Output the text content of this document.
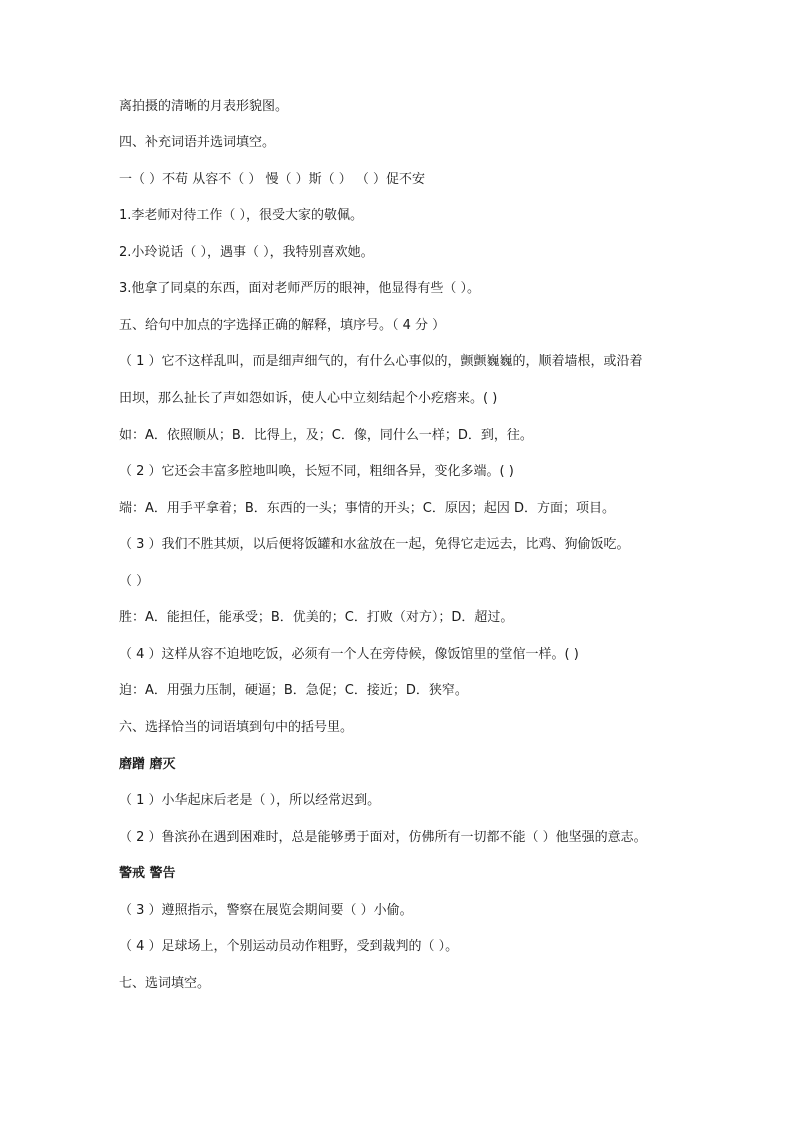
离拍摄的清晰的月表形貌图。
四、补充词语并选词填空。
一（ ）不苟 从容不（ ） 慢（ ）斯（ ） （ ）促不安
1.李老师对待工作（ ），很受大家的敬佩。
2.小玲说话（ ），遇事（ ），我特别喜欢她。
3.他拿了同桌的东西，面对老师严厉的眼神，他显得有些（ ）。
五、给句中加点的字选择正确的解释，填序号。（ 4 分 ）
（ 1 ）它不这样乱叫，而是细声细气的，有什么心事似的，颤颤巍巍的，顺着墙根，或沿着
田坝，那么扯长了声如怨如诉，使人心中立刻结起个小疙瘩来。( )
如：A．依照顺从；B．比得上，及；C．像，同什么一样；D．到，往。
（ 2 ）它还会丰富多腔地叫唤，长短不同，粗细各异，变化多端。( )
端：A．用手平拿着；B．东西的一头；事情的开头；C．原因；起因 D．方面；项目。
（ 3 ）我们不胜其烦，以后便将饭罐和水盆放在一起，免得它走远去，比鸡、狗偷饭吃。
（ ）
胜：A．能担任，能承受；B．优美的；C．打败（对方）；D．超过。
（ 4 ）这样从容不迫地吃饭，必须有一个人在旁侍候，像饭馆里的堂倌一样。( )
迫：A．用强力压制，硬逼；B．急促；C．接近；D．狭窄。
六、选择恰当的词语填到句中的括号里。
磨蹭 磨灭
（ 1 ）小华起床后老是（ ），所以经常迟到。
（ 2 ）鲁滨孙在遇到困难时，总是能够勇于面对，仿佛所有一切都不能（ ）他坚强的意志。
警戒 警告
（ 3 ）遵照指示，警察在展览会期间要（ ）小偷。
（ 4 ）足球场上，个别运动员动作粗野，受到裁判的（ ）。
七、选词填空。
